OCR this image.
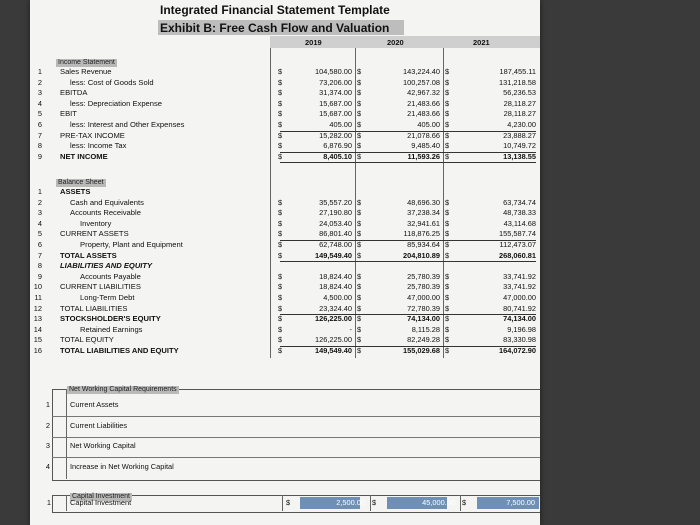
Integrated Financial Statement Template
Exhibit B: Free Cash Flow and Valuation
2019	2020	2021
Income Statement
Balance Sheet
Net Working Capital Requirements
Capital Investment
1 Sales Revenue	$	104,580.00 $	143,224.40 $	187,455.11
2	less: Cost of Goods Sold	$	73,206.00 $	100,257.08 $	131,218.58
3 EBITDA	$	31,374.00 $	42,967.32 $	56,236.53
4	less: Depreciation Expense	$	15,687.00 $	21,483.66 $	28,118.27
5 EBIT	$	15,687.00 $	21,483.66 $	28,118.27
6	less: Interest and Other Expenses	$	405.00 $	405.00 $	4,230.00
7 PRE-TAX INCOME	$	15,282.00 $	21,078.66 $	23,888.27
8	less: Income Tax	$	6,876.90 $	9,485.40 $	10,749.72
9 NET INCOME	$	8,405.10 $	11,593.26 $	13,138.55
1 ASSETS
2	Cash and Equivalents	$	35,557.20 $	48,696.30 $	63,734.74
3	Accounts Receivable	$	27,190.80 $	37,238.34 $	48,738.33
4	Inventory	$	24,053.40 $	32,941.61 $	43,114.68
5 CURRENT ASSETS	$	86,801.40 $	118,876.25 $	155,587.74
6	Property, Plant and Equipment	$	62,748.00 $	85,934.64 $	112,473.07
7 TOTAL ASSETS	$	149,549.40 $	204,810.89 $	268,060.81
8 LIABILITIES AND EQUITY
9	Accounts Payable	$	18,824.40 $	25,780.39 $	33,741.92
10 CURRENT LIABILITIES	$	18,824.40 $	25,780.39 $	33,741.92
11	Long-Term Debt	$	4,500.00 $	47,000.00 $	47,000.00
12 TOTAL LIABILITIES	$	23,324.40 $	72,780.39 $	80,741.92
13 STOCKSHOLDER'S EQUITY	$	126,225.00 $	74,134.00 $	74,134.00
14	Retained Earnings	$	- $	8,115.28 $	9,196.98
15 TOTAL EQUITY	$	126,225.00 $	82,249.28 $	83,330.98
16 TOTAL LIABILITIES AND EQUITY	$	149,549.40 $	155,029.68 $	164,072.90
1	Current Assets
2	Current Liabilities
3	Net Working Capital
4	Increase in Net Working Capital
1	Capital Investment	$	2,500.00 $	45,000.00 $	7,500.00
